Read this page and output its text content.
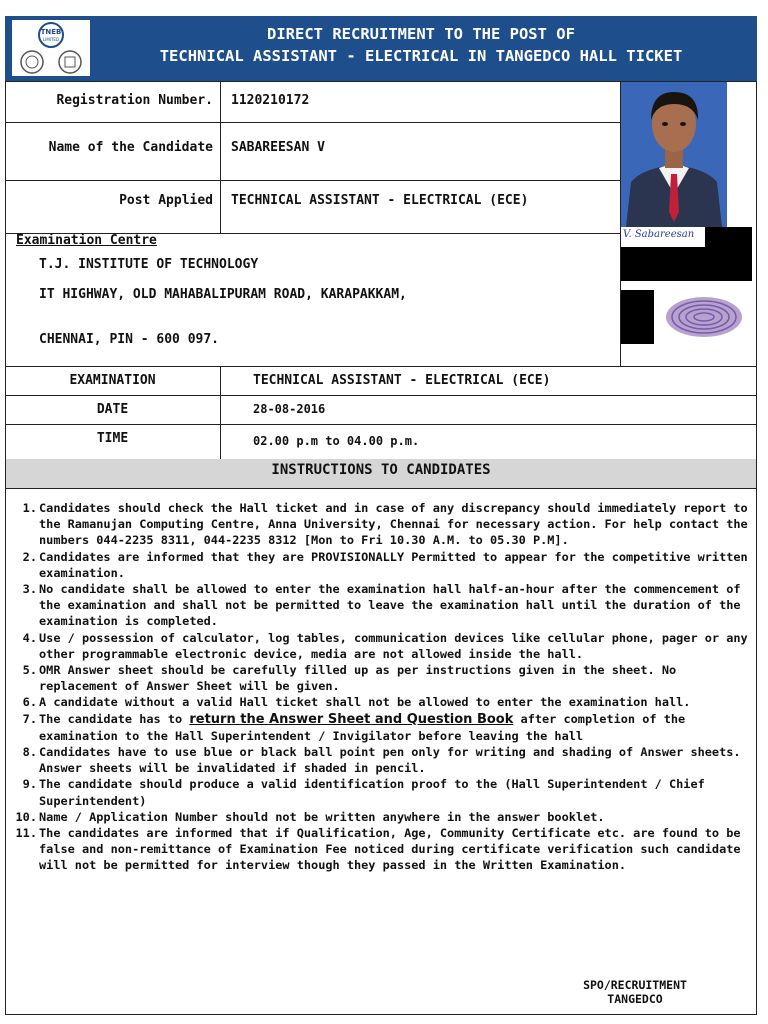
TNEB
LIMITED	DIRECT RECRUITMENT TO THE POST OF
TECHNICAL ASSISTANT - ELECTRICAL IN TANGEDCO HALL TICKET
Registration Number. 1120210172
Name of the Candidate SABAREESAN V
Post Applied TECHNICAL ASSISTANT - ELECTRICAL (ECE)
V. Sabareesan
Examination Centre
T.J. INSTITUTE OF TECHNOLOGY
IT HIGHWAY, OLD MAHABALIPURAM ROAD, KARAPAKKAM,
CHENNAI, PIN - 600 097.
EXAMINATION	TECHNICAL ASSISTANT - ELECTRICAL (ECE)
DATE	28-08-2016
TIME	02.00 p.m to 04.00 p.m.
INSTRUCTIONS TO CANDIDATES
1. Candidates should check the Hall ticket and in case of any discrepancy should immediately report to the Ramanujan Computing Centre, Anna University, Chennai for necessary action. For help contact the numbers 044-2235 8311, 044-2235 8312 [Mon to Fri 10.30 A.M. to 05.30 P.M].
2. Candidates are informed that they are PROVISIONALLY Permitted to appear for the competitive written examination.
3. No candidate shall be allowed to enter the examination hall half-an-hour after the commencement of the examination and shall not be permitted to leave the examination hall until the duration of the examination is completed.
4. Use / possession of calculator, log tables, communication devices like cellular phone, pager or any other programmable electronic device, media are not allowed inside the hall.
5. OMR Answer sheet should be carefully filled up as per instructions given in the sheet. No replacement of Answer Sheet will be given.
6. A candidate without a valid Hall ticket shall not be allowed to enter the examination hall.
7. The candidate has to return the Answer Sheet and Question Book after completion of the examination to the Hall Superintendent / Invigilator before leaving the hall
8. Candidates have to use blue or black ball point pen only for writing and shading of Answer sheets. Answer sheets will be invalidated if shaded in pencil.
9. The candidate should produce a valid identification proof to the (Hall Superintendent / Chief Superintendent)
10. Name / Application Number should not be written anywhere in the answer booklet.
11. The candidates are informed that if Qualification, Age, Community Certificate etc. are found to be false and non-remittance of Examination Fee noticed during certificate verification such candidate will not be permitted for interview though they passed in the Written Examination.
SPO/RECRUITMENT
TANGEDCO
